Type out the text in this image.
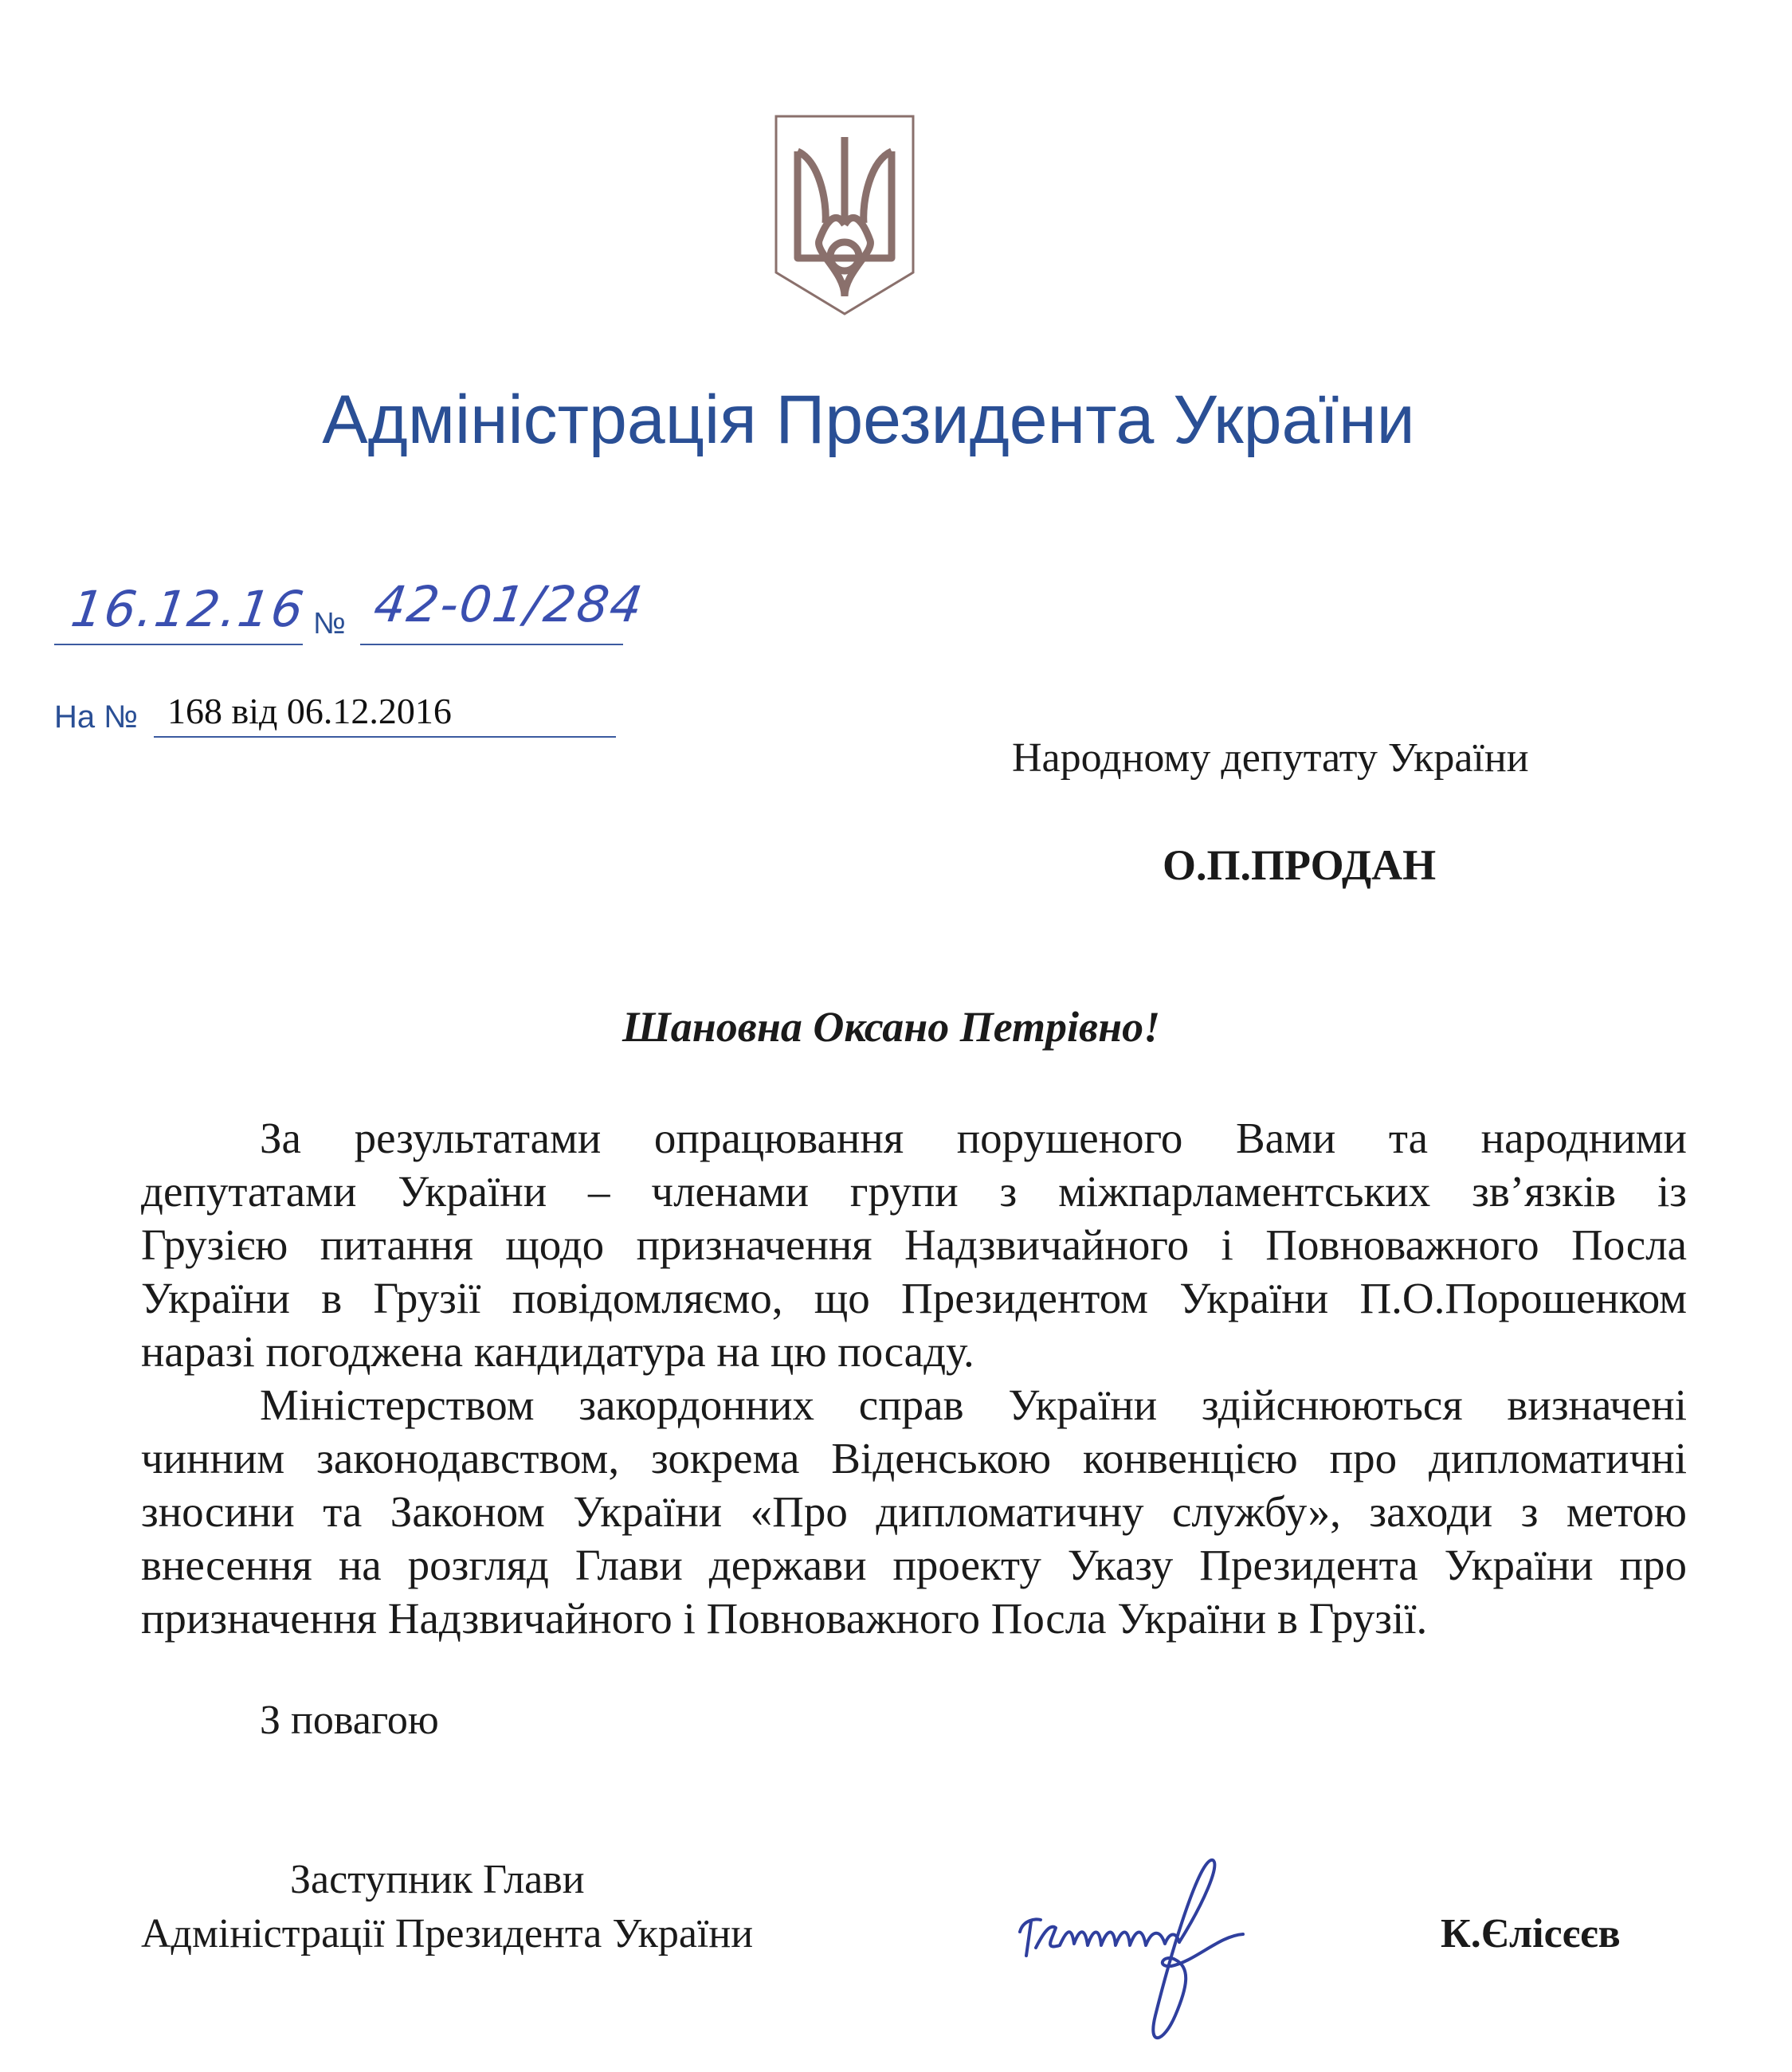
Адміністрація Президента України
16.12.16 № 42-01/284
На № 168 від 06.12.2016
Народному депутату України
О.П.ПРОДАН
Шановна Оксано Петрівно!
За результатами опрацювання порушеного Вами та народними
депутатами України – членами групи з міжпарламентських зв’язків із
Грузією питання щодо призначення Надзвичайного і Повноважного Посла
України в Грузії повідомляємо, що Президентом України П.О.Порошенком
наразі погоджена кандидатура на цю посаду.
Міністерством закордонних справ України здійснюються визначені
чинним законодавством, зокрема Віденською конвенцією про дипломатичні
зносини та Законом України «Про дипломатичну службу», заходи з метою
внесення на розгляд Глави держави проекту Указу Президента України про
призначення Надзвичайного і Повноважного Посла України в Грузії.
З повагою
Заступник Глави
Адміністрації Президента України	К.Єлісєєв
